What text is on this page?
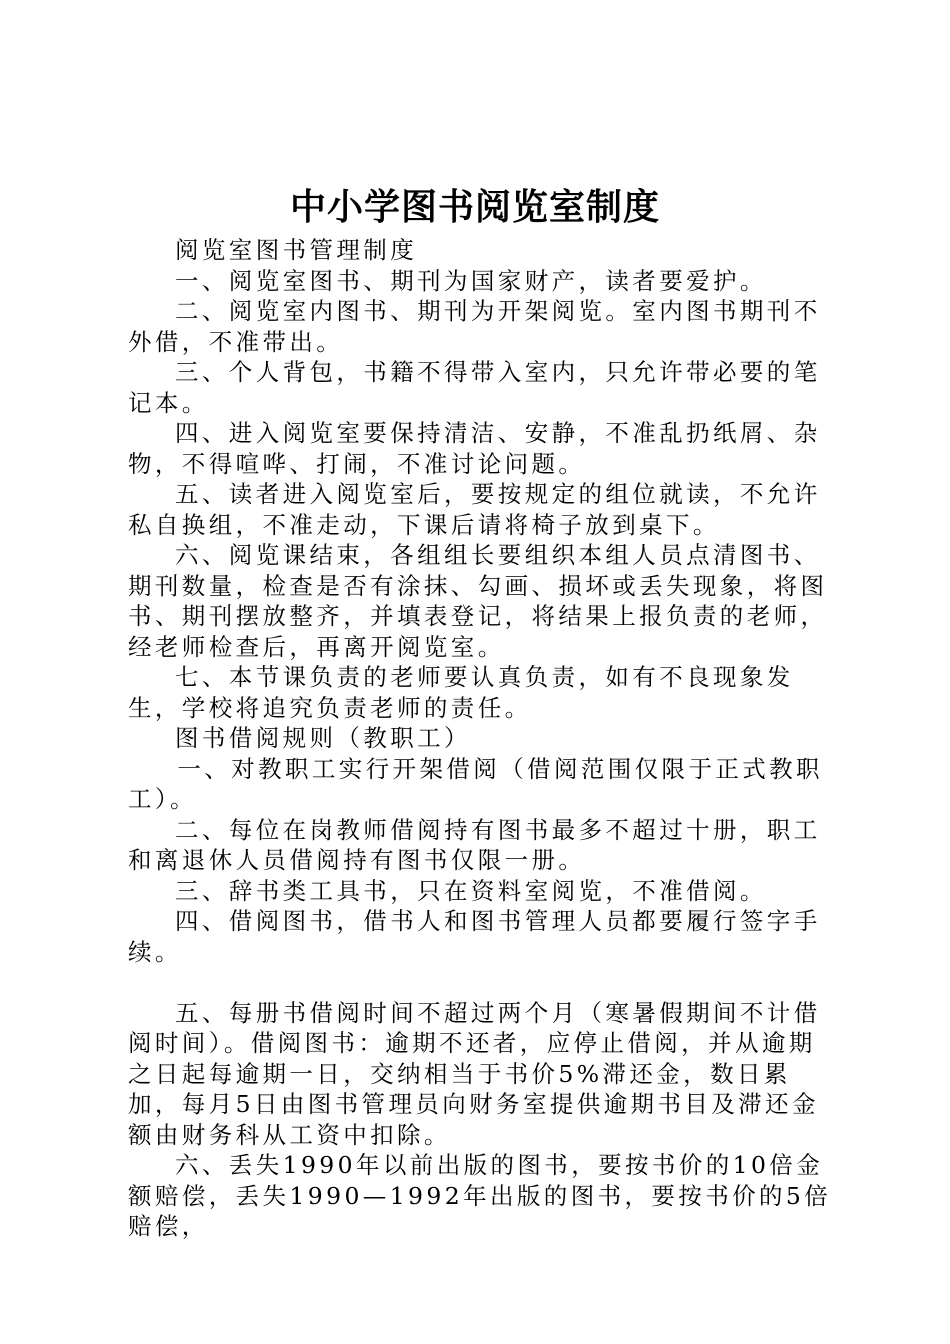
中小学图书阅览室制度

阅览室图书管理制度

一、阅览室图书、期刊为国家财产，读者要爱护。

二、阅览室内图书、期刊为开架阅览。室内图书期刊不外借，不准带出。

三、个人背包，书籍不得带入室内，只允许带必要的笔记本。

四、进入阅览室要保持清洁、安静，不准乱扔纸屑、杂物，不得喧哗、打闹，不准讨论问题。

五、读者进入阅览室后，要按规定的组位就读，不允许私自换组，不准走动，下课后请将椅子放到桌下。

六、阅览课结束，各组组长要组织本组人员点清图书、期刊数量，检查是否有涂抹、勾画、损坏或丢失现象，将图书、期刊摆放整齐，并填表登记，将结果上报负责的老师，经老师检查后，再离开阅览室。

七、本节课负责的老师要认真负责，如有不良现象发生，学校将追究负责老师的责任。

图书借阅规则（教职工）

一、对教职工实行开架借阅（借阅范围仅限于正式教职工）。

二、每位在岗教师借阅持有图书最多不超过十册，职工和离退休人员借阅持有图书仅限一册。

三、辞书类工具书，只在资料室阅览，不准借阅。

四、借阅图书，借书人和图书管理人员都要履行签字手续。

五、每册书借阅时间不超过两个月（寒暑假期间不计借阅时间）。借阅图书：逾期不还者，应停止借阅，并从逾期之日起每逾期一日，交纳相当于书价5%滞还金，数日累加，每月5日由图书管理员向财务室提供逾期书目及滞还金额由财务科从工资中扣除。

六、丢失1990年以前出版的图书，要按书价的10倍金额赔偿，丢失1990—1992年出版的图书，要按书价的5倍赔偿，
